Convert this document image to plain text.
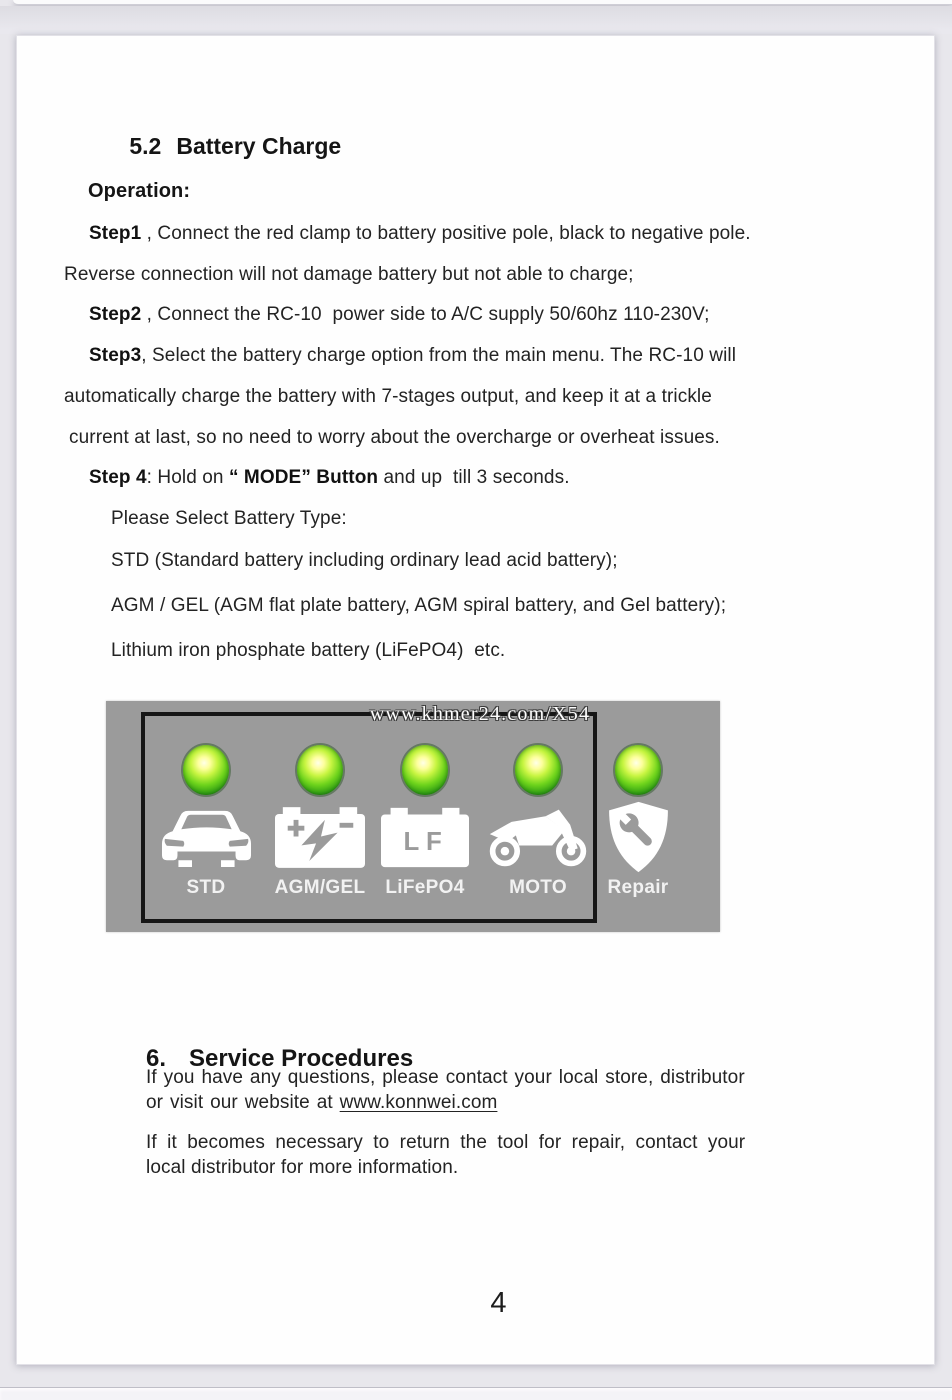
5.2 Battery Charge

Operation:
Step1 , Connect the red clamp to battery positive pole, black to negative pole.
Reverse connection will not damage battery but not able to charge;
Step2 , Connect the RC-10  power side to A/C supply 50/60hz 110-230V;
Step3, Select the battery charge option from the main menu. The RC-10 will
automatically charge the battery with 7-stages output, and keep it at a trickle
current at last, so no need to worry about the overcharge or overheat issues.
Step 4: Hold on “ MODE” Button and up  till 3 seconds.
Please Select Battery Type:
STD (Standard battery including ordinary lead acid battery);
AGM / GEL (AGM flat plate battery, AGM spiral battery, and Gel battery);
Lithium iron phosphate battery (LiFePO4)  etc.
www.khmer24.com/X54
STD	AGM/GEL
LF
LiFePO4 MOTO Repair

6. Service Procedures

If you have any questions, please contact your local store, distributor
or visit our website at www.konnwei.com
If it becomes necessary to return the tool for repair, contact your
local distributor for more information.
4
